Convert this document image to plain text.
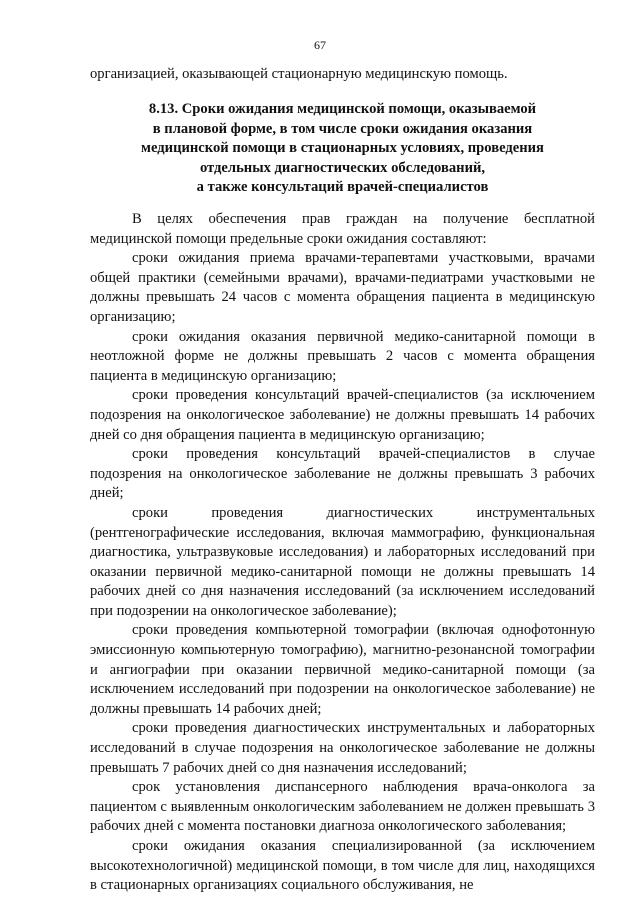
67
организацией, оказывающей стационарную медицинскую помощь.
8.13. Сроки ожидания медицинской помощи, оказываемой
в плановой форме, в том числе сроки ожидания оказания
медицинской помощи в стационарных условиях, проведения
отдельных диагностических обследований,
а также консультаций врачей-специалистов

В целях обеспечения прав граждан на получение бесплатной медицинской помощи предельные сроки ожидания составляют:

сроки ожидания приема врачами-терапевтами участковыми, врачами общей практики (семейными врачами), врачами-педиатрами участковыми не должны превышать 24 часов с момента обращения пациента в медицинскую организацию;

сроки ожидания оказания первичной медико-санитарной помощи в неотложной форме не должны превышать 2 часов с момента обращения пациента в медицинскую организацию;

сроки проведения консультаций врачей-специалистов (за исключением подозрения на онкологическое заболевание) не должны превышать 14 рабочих дней со дня обращения пациента в медицинскую организацию;

сроки проведения консультаций врачей-специалистов в случае подозрения на онкологическое заболевание не должны превышать 3 рабочих дней;

сроки проведения диагностических инструментальных (рентгенографические исследования, включая маммографию, функциональная диагностика, ультразвуковые исследования) и лабораторных исследований при оказании первичной медико-санитарной помощи не должны превышать 14 рабочих дней со дня назначения исследований (за исключением исследований при подозрении на онкологическое заболевание);

сроки проведения компьютерной томографии (включая однофотонную эмиссионную компьютерную томографию), магнитно-резонансной томографии и ангиографии при оказании первичной медико-санитарной помощи (за исключением исследований при подозрении на онкологическое заболевание) не должны превышать 14 рабочих дней;

сроки проведения диагностических инструментальных и лабораторных исследований в случае подозрения на онкологическое заболевание не должны превышать 7 рабочих дней со дня назначения исследований;

срок установления диспансерного наблюдения врача-онколога за пациентом с выявленным онкологическим заболеванием не должен превышать 3 рабочих дней с момента постановки диагноза онкологического заболевания;

сроки ожидания оказания специализированной (за исключением высокотехнологичной) медицинской помощи, в том числе для лиц, находящихся в стационарных организациях социального обслуживания, не
